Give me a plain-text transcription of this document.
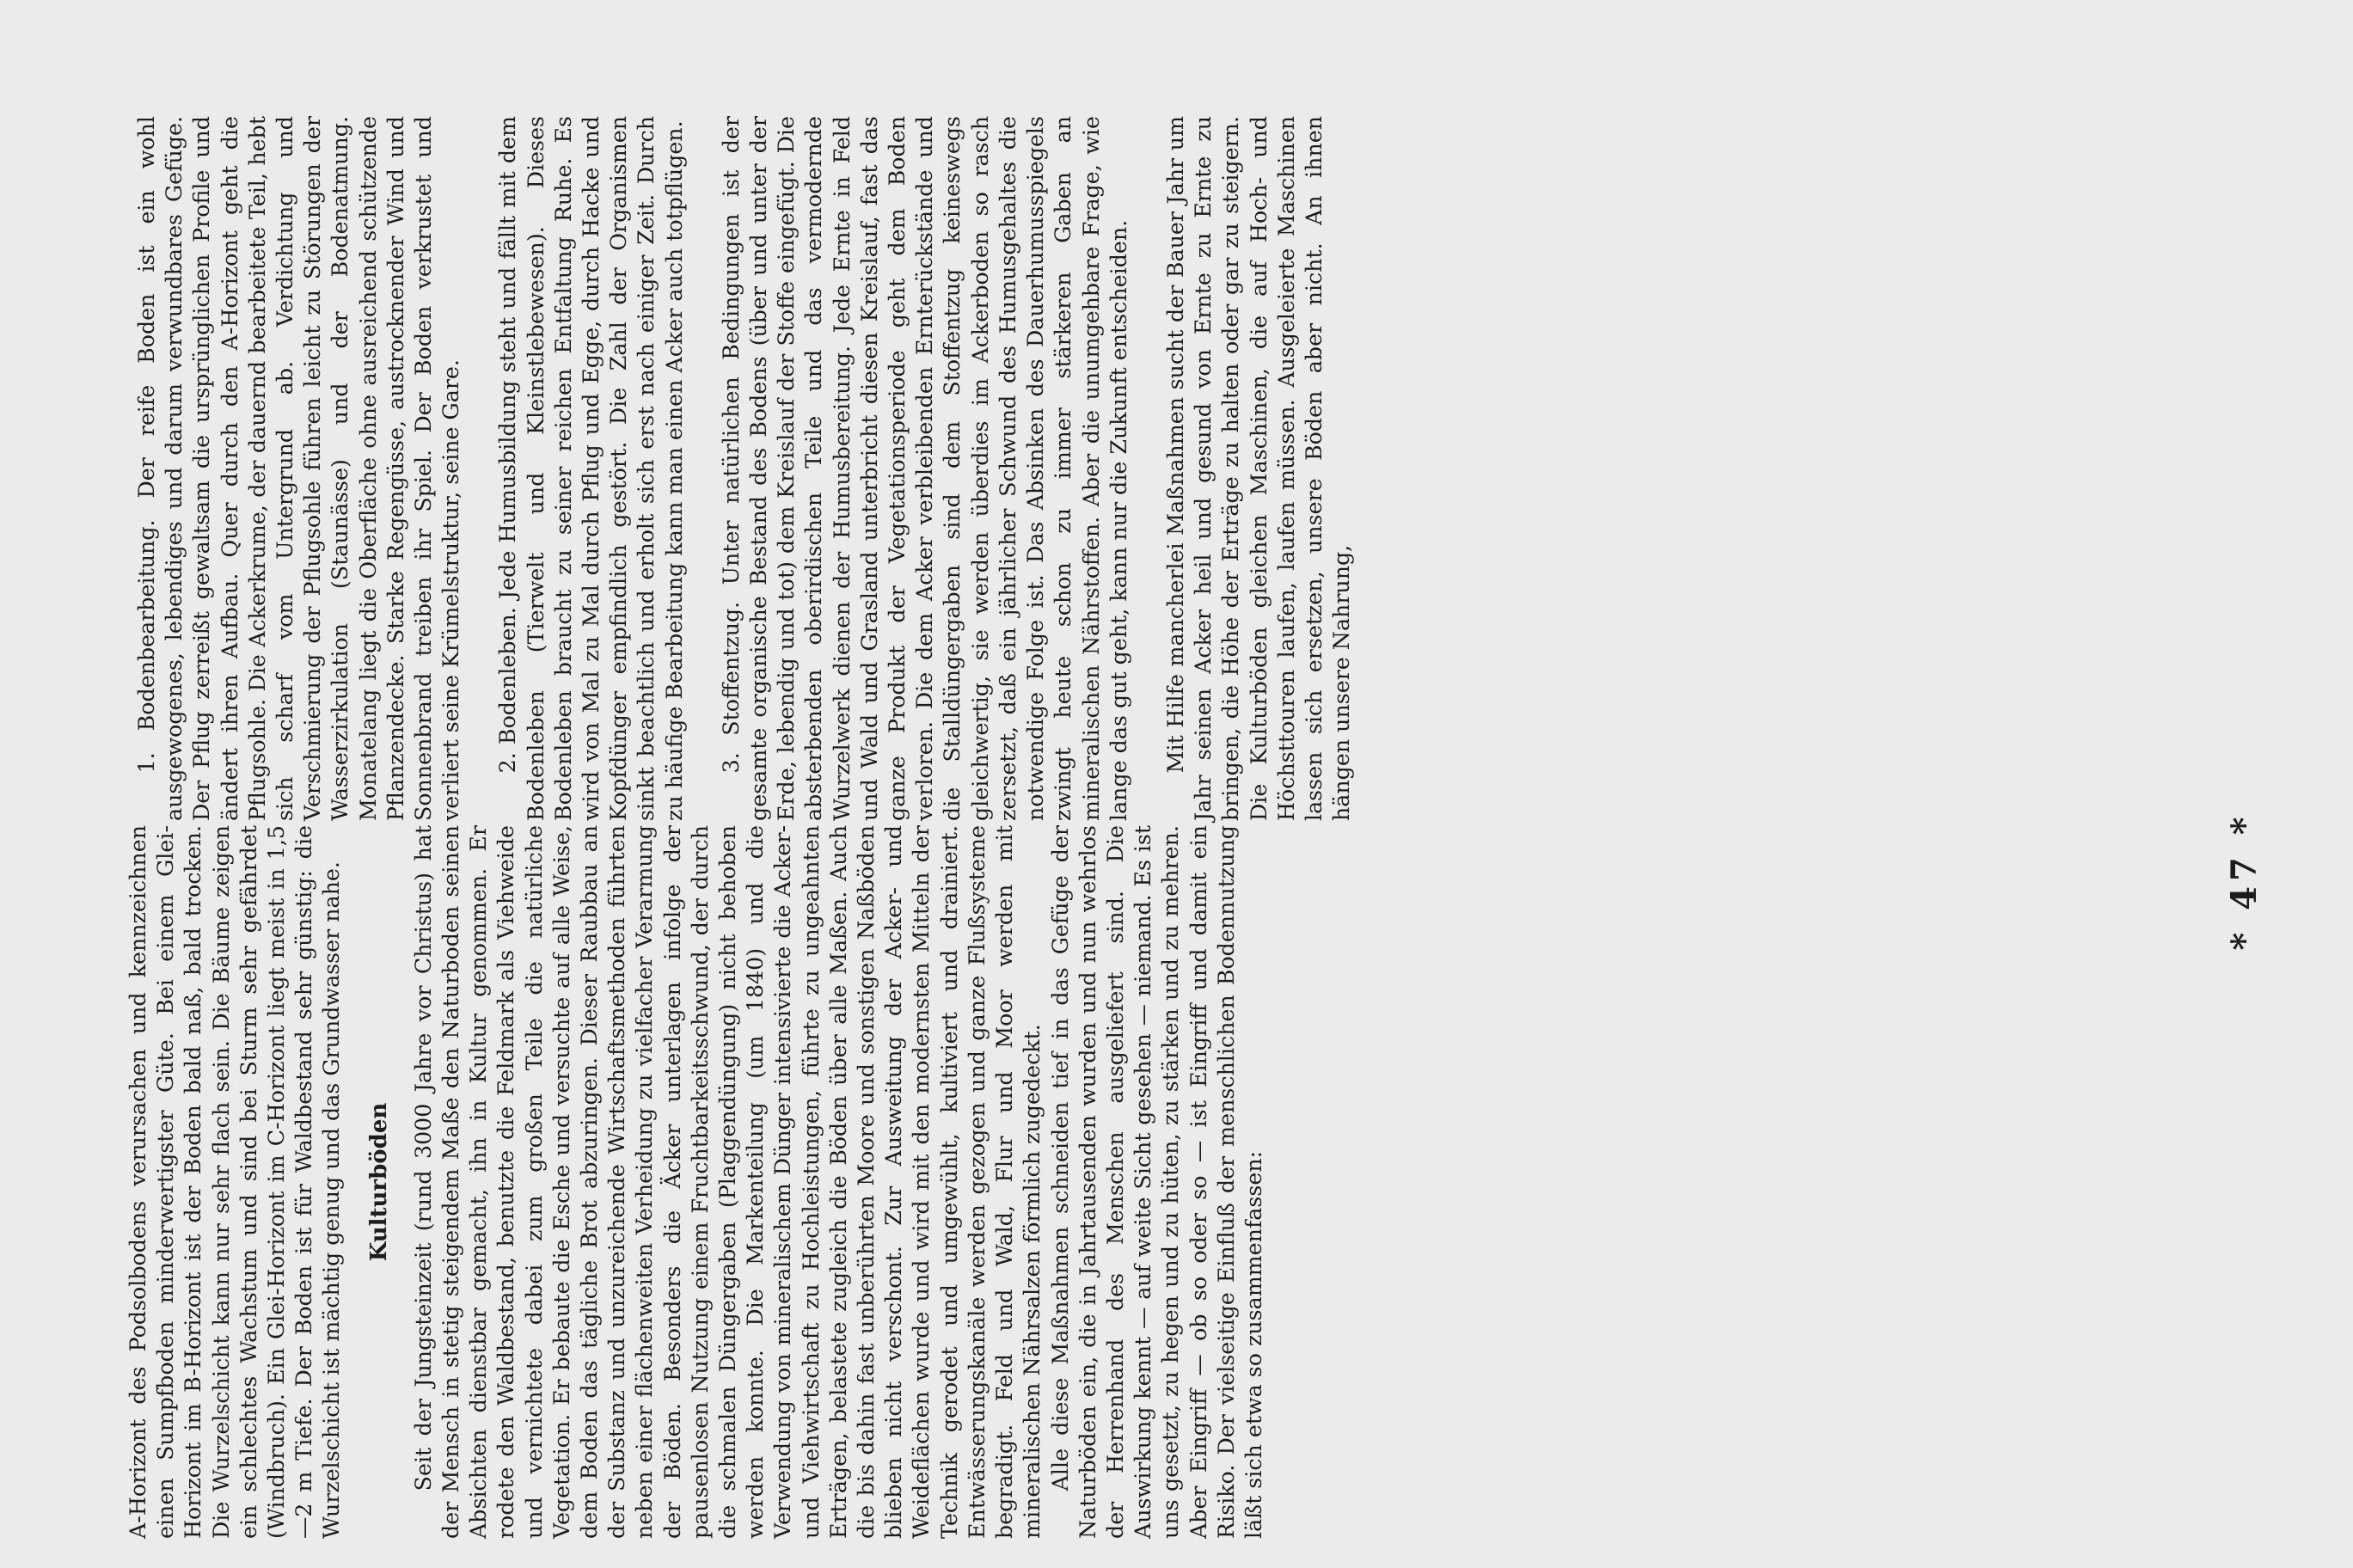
A-Horizont des Podsolbodens verursachen und kennzeichnen einen Sumpfboden minderwertigster Güte. Bei einem Glei-Horizont im B-Horizont ist der Boden bald naß, bald trocken. Die Wurzelschicht kann nur sehr flach sein. Die Bäume zeigen ein schlechtes Wachstum und sind bei Sturm sehr gefährdet (Windbruch). Ein Glei-Horizont im C-Horizont liegt meist in 1,5—2 m Tiefe. Der Boden ist für Waldbestand sehr günstig: die Wurzelschicht ist mächtig genug und das Grundwasser nahe. Kulturböden Seit der Jungsteinzeit (rund 3000 Jahre vor Christus) hat der Mensch in stetig steigendem Maße den Naturboden seinen Absichten dienstbar gemacht, ihn in Kultur genommen. Er rodete den Waldbestand, benutzte die Feldmark als Viehweide und vernichtete dabei zum großen Teile die natürliche Vegetation. Er bebaute die Esche und versuchte auf alle Weise, dem Boden das tägliche Brot abzuringen. Dieser Raubbau an der Substanz und unzureichende Wirtschaftsmethoden führten neben einer flächenweiten Verheidung zu vielfacher Verarmung der Böden. Besonders die Äcker unterlagen infolge der pausenlosen Nutzung einem Fruchtbarkeitsschwund, der durch die schmalen Düngergaben (Plaggendüngung) nicht behoben werden konnte. Die Markenteilung (um 1840) und die Verwendung von mineralischem Dünger intensivierte die Acker- und Viehwirtschaft zu Hochleistungen, führte zu ungeahnten Erträgen, belastete zugleich die Böden über alle Maßen. Auch die bis dahin fast unberührten Moore und sonstigen Naßböden blieben nicht verschont. Zur Ausweitung der Acker- und Weideflächen wurde und wird mit den modernsten Mitteln der Technik gerodet und umgewühlt, kultiviert und drainiert. Entwässerungskanäle werden gezogen und ganze Flußsysteme begradigt. Feld und Wald, Flur und Moor werden mit mineralischen Nährsalzen förmlich zugedeckt. Alle diese Maßnahmen schneiden tief in das Gefüge der Naturböden ein, die in Jahrtausenden wurden und nun wehrlos der Herrenhand des Menschen ausgeliefert sind. Die Auswirkung kennt — auf weite Sicht gesehen — niemand. Es ist uns gesetzt, zu hegen und zu hüten, zu stärken und zu mehren. Aber Eingriff — ob so oder so — ist Eingriff und damit ein Risiko. Der vielseitige Einfluß der menschlichen Bodennutzung läßt sich etwa so zusammenfassen:

1. Bodenbearbeitung. Der reife Boden ist ein wohl ausgewogenes, lebendiges und darum verwundbares Gefüge. Der Pflug zerreißt gewaltsam die ursprünglichen Profile und ändert ihren Aufbau. Quer durch den A-Horizont geht die Pflugsohle. Die Ackerkrume, der dauernd bearbeitete Teil, hebt sich scharf vom Untergrund ab. Verdichtung und Verschmierung der Pflugsohle führen leicht zu Störungen der Wasserzirkulation (Staunässe) und der Bodenatmung. Monatelang liegt die Oberfläche ohne ausreichend schützende Pflanzendecke. Starke Regengüsse, austrocknender Wind und Sonnenbrand treiben ihr Spiel. Der Boden verkrustet und verliert seine Krümelstruktur, seine Gare. 2. Bodenleben. Jede Humusbildung steht und fällt mit dem Bodenleben (Tierwelt und Kleinstlebewesen). Dieses Bodenleben braucht zu seiner reichen Entfaltung Ruhe. Es wird von Mal zu Mal durch Pflug und Egge, durch Hacke und Kopfdünger empfindlich gestört. Die Zahl der Organismen sinkt beachtlich und erholt sich erst nach einiger Zeit. Durch zu häufige Bearbeitung kann man einen Acker auch totpflügen. 3. Stoffentzug. Unter natürlichen Bedingungen ist der gesamte organische Bestand des Bodens (über und unter der Erde, lebendig und tot) dem Kreislauf der Stoffe eingefügt. Die absterbenden oberirdischen Teile und das vermodernde Wurzelwerk dienen der Humusbereitung. Jede Ernte in Feld und Wald und Grasland unterbricht diesen Kreislauf, fast das ganze Produkt der Vegetationsperiode geht dem Boden verloren. Die dem Acker verbleibenden Ernterückstände und die Stalldüngergaben sind dem Stoffentzug keineswegs gleichwertig, sie werden überdies im Ackerboden so rasch zersetzt, daß ein jährlicher Schwund des Humusgehaltes die notwendige Folge ist. Das Absinken des Dauerhumusspiegels zwingt heute schon zu immer stärkeren Gaben an mineralischen Nährstoffen. Aber die unumgehbare Frage, wie lange das gut geht, kann nur die Zukunft entscheiden. Mit Hilfe mancherlei Maßnahmen sucht der Bauer Jahr um Jahr seinen Acker heil und gesund von Ernte zu Ernte zu bringen, die Höhe der Erträge zu halten oder gar zu steigern. Die Kulturböden gleichen Maschinen, die auf Hoch- und Höchsttouren laufen, laufen müssen. Ausgeleierte Maschinen lassen sich ersetzen, unsere Böden aber nicht. An ihnen hängen unsere Nahrung,

* 47 *
